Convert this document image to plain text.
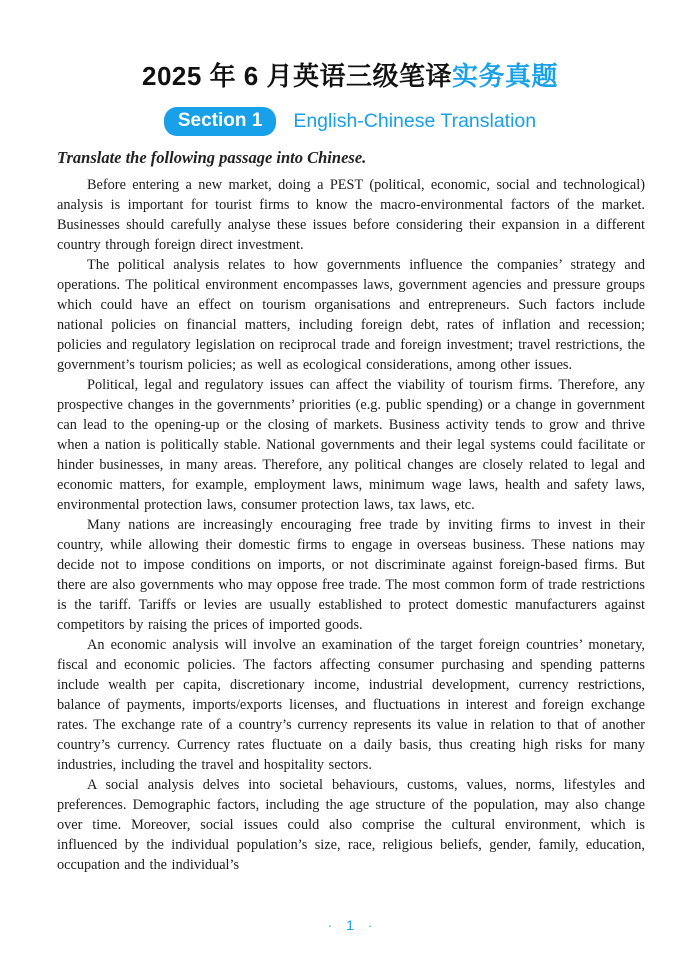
2025 年 6 月英语三级笔译实务真题
Section 1	English-Chinese Translation

Translate the following passage into Chinese.

Before entering a new market, doing a PEST (political, economic, social and technological) analysis is important for tourist firms to know the macro-environmental factors of the market. Businesses should carefully analyse these issues before considering their expansion in a different country through foreign direct investment.

The political analysis relates to how governments influence the companies’ strategy and operations. The political environment encompasses laws, government agencies and pressure groups which could have an effect on tourism organisations and entrepreneurs. Such factors include national policies on financial matters, including foreign debt, rates of inflation and recession; policies and regulatory legislation on reciprocal trade and foreign investment; travel restrictions, the government’s tourism policies; as well as ecological considerations, among other issues.

Political, legal and regulatory issues can affect the viability of tourism firms. Therefore, any prospective changes in the governments’ priorities (e.g. public spending) or a change in government can lead to the opening-up or the closing of markets. Business activity tends to grow and thrive when a nation is politically stable. National governments and their legal systems could facilitate or hinder businesses, in many areas. Therefore, any political changes are closely related to legal and economic matters, for example, employment laws, minimum wage laws, health and safety laws, environmental protection laws, consumer protection laws, tax laws, etc.

Many nations are increasingly encouraging free trade by inviting firms to invest in their country, while allowing their domestic firms to engage in overseas business. These nations may decide not to impose conditions on imports, or not discriminate against foreign-based firms. But there are also governments who may oppose free trade. The most common form of trade restrictions is the tariff. Tariffs or levies are usually established to protect domestic manufacturers against competitors by raising the prices of imported goods.

An economic analysis will involve an examination of the target foreign countries’ monetary, fiscal and economic policies. The factors affecting consumer purchasing and spending patterns include wealth per capita, discretionary income, industrial development, currency restrictions, balance of payments, imports/exports licenses, and fluctuations in interest and foreign exchange rates. The exchange rate of a country’s currency represents its value in relation to that of another country’s currency. Currency rates fluctuate on a daily basis, thus creating high risks for many industries, including the travel and hospitality sectors.

A social analysis delves into societal behaviours, customs, values, norms, lifestyles and preferences. Demographic factors, including the age structure of the population, may also change over time. Moreover, social issues could also comprise the cultural environment, which is influenced by the individual population’s size, race, religious beliefs, gender, family, education, occupation and the individual’s

· 1 ·
